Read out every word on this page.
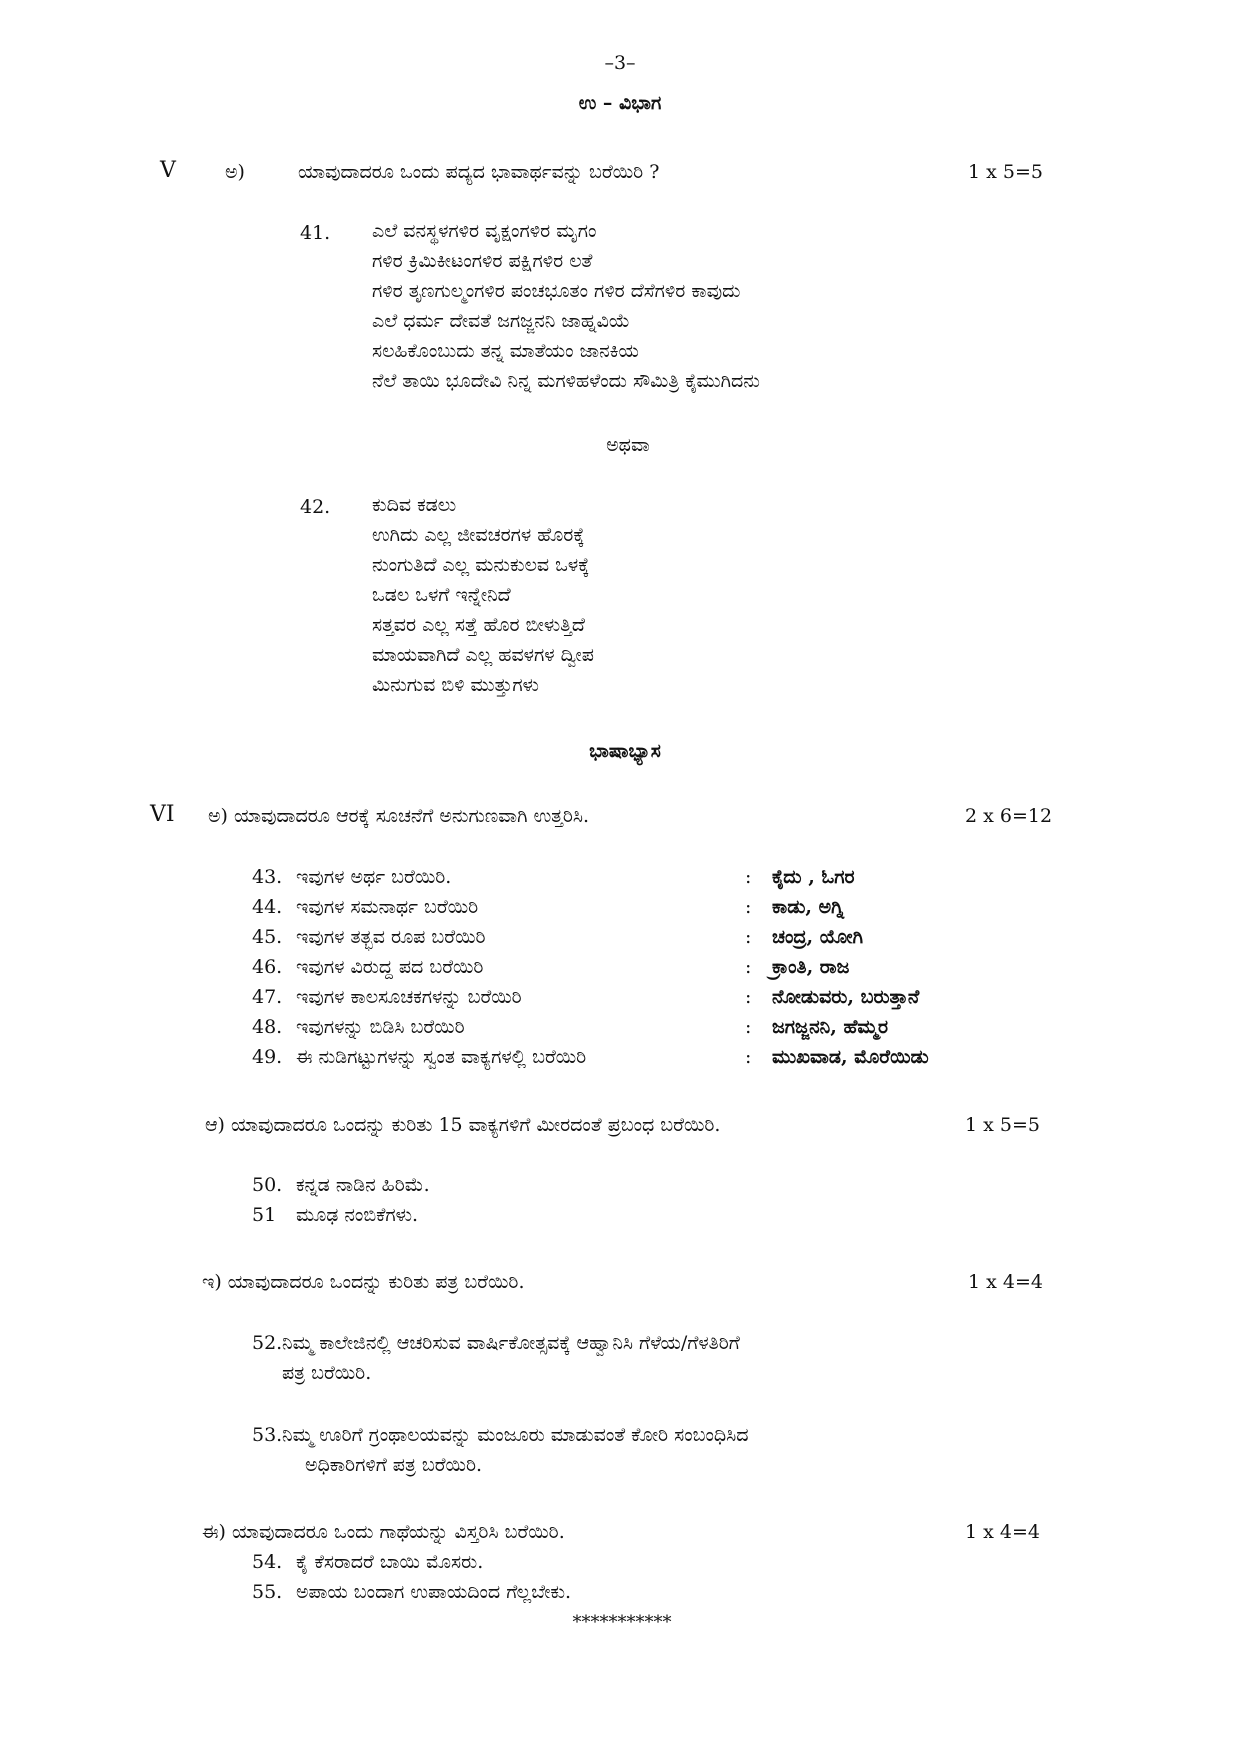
–3–
ಉ – ವಿಭಾಗ
V	ಅ)	ಯಾವುದಾದರೂ ಒಂದು ಪದ್ಯದ ಭಾವಾರ್ಥವನ್ನು ಬರೆಯಿರಿ ?	1 x 5=5
41. ಎಲೆ ವನಸ್ಥಳಗಳಿರ ವೃಕ್ಷಂಗಳಿರ ಮೃಗಂ
ಗಳಿರ ಕ್ರಿಮಿಕೀಟಂಗಳಿರ ಪಕ್ಷಿಗಳಿರ ಲತೆ
ಗಳಿರ ತೃಣಗುಲ್ಮಂಗಳಿರ ಪಂಚಭೂತಂ ಗಳಿರ ದೆಸೆಗಳಿರ ಕಾವುದು
ಎಲೆ ಧರ್ಮ ದೇವತೆ ಜಗಜ್ಜನನಿ ಜಾಹ್ನವಿಯೆ
ಸಲಹಿಕೊಂಬುದು ತನ್ನ ಮಾತೆಯಂ ಜಾನಕಿಯ
ನೆಲೆ ತಾಯಿ ಭೂದೇವಿ ನಿನ್ನ ಮಗಳಿಹಳೆಂದು ಸೌಮಿತ್ರಿ ಕೈಮುಗಿದನು
ಅಥವಾ
42. ಕುದಿವ ಕಡಲು
ಉಗಿದು ಎಲ್ಲ ಜೀವಚರಗಳ ಹೊರಕ್ಕೆ
ನುಂಗುತಿದೆ ಎಲ್ಲ ಮನುಕುಲವ ಒಳಕ್ಕೆ
ಒಡಲ ಒಳಗೆ ಇನ್ನೇನಿದೆ
ಸತ್ತವರ ಎಲ್ಲ ಸತ್ತೆ ಹೊರ ಬೀಳುತ್ತಿದೆ
ಮಾಯವಾಗಿದೆ ಎಲ್ಲ ಹವಳಗಳ ದ್ವೀಪ
ಮಿನುಗುವ ಬಿಳಿ ಮುತ್ತುಗಳು
ಭಾಷಾಭ್ಯಾಸ
VI ಅ) ಯಾವುದಾದರೂ ಆರಕ್ಕೆ ಸೂಚನೆಗೆ ಅನುಗುಣವಾಗಿ ಉತ್ತರಿಸಿ.	2 x 6=12
43. ಇವುಗಳ ಅರ್ಥ ಬರೆಯಿರಿ.	: ಕೈದು , ಓಗರ
44. ಇವುಗಳ ಸಮನಾರ್ಥ ಬರೆಯಿರಿ	: ಕಾಡು, ಅಗ್ನಿ
45. ಇವುಗಳ ತತ್ಭವ ರೂಪ ಬರೆಯಿರಿ	: ಚಂದ್ರ, ಯೋಗಿ
46. ಇವುಗಳ ವಿರುದ್ದ ಪದ ಬರೆಯಿರಿ	: ಕ್ರಾಂತಿ, ರಾಜ
47. ಇವುಗಳ ಕಾಲಸೂಚಕಗಳನ್ನು ಬರೆಯಿರಿ	: ನೋಡುವರು, ಬರುತ್ತಾನೆ
48. ಇವುಗಳನ್ನು ಬಿಡಿಸಿ ಬರೆಯಿರಿ	: ಜಗಜ್ಜನನಿ, ಹೆಮ್ಮರ
49. ಈ ನುಡಿಗಟ್ಟುಗಳನ್ನು ಸ್ವಂತ ವಾಕ್ಯಗಳಲ್ಲಿ ಬರೆಯಿರಿ	: ಮುಖವಾಡ, ಮೊರೆಯಿಡು
ಆ) ಯಾವುದಾದರೂ ಒಂದನ್ನು ಕುರಿತು 15 ವಾಕ್ಯಗಳಿಗೆ ಮೀರದಂತೆ ಪ್ರಬಂಧ ಬರೆಯಿರಿ.	1 x 5=5
50. ಕನ್ನಡ ನಾಡಿನ ಹಿರಿಮೆ.
51 ಮೂಢ ನಂಬಿಕೆಗಳು.
ಇ) ಯಾವುದಾದರೂ ಒಂದನ್ನು ಕುರಿತು ಪತ್ರ ಬರೆಯಿರಿ.	1 x 4=4
52.ನಿಮ್ಮ ಕಾಲೇಜಿನಲ್ಲಿ ಆಚರಿಸುವ ವಾರ್ಷಿಕೋತ್ಸವಕ್ಕೆ ಆಹ್ವಾನಿಸಿ ಗೆಳೆಯ/ಗೆಳತಿರಿಗೆ
ಪತ್ರ ಬರೆಯಿರಿ.
53.ನಿಮ್ಮ ಊರಿಗೆ ಗ್ರಂಥಾಲಯವನ್ನು ಮಂಜೂರು ಮಾಡುವಂತೆ ಕೋರಿ ಸಂಬಂಧಿಸಿದ
ಅಧಿಕಾರಿಗಳಿಗೆ ಪತ್ರ ಬರೆಯಿರಿ.
ಈ) ಯಾವುದಾದರೂ ಒಂದು ಗಾಥೆಯನ್ನು ವಿಸ್ತರಿಸಿ ಬರೆಯಿರಿ.	1 x 4=4
54. ಕೈ ಕೆಸರಾದರೆ ಬಾಯಿ ಮೊಸರು.
55. ಅಪಾಯ ಬಂದಾಗ ಉಪಾಯದಿಂದ ಗೆಲ್ಲಬೇಕು.
***********
